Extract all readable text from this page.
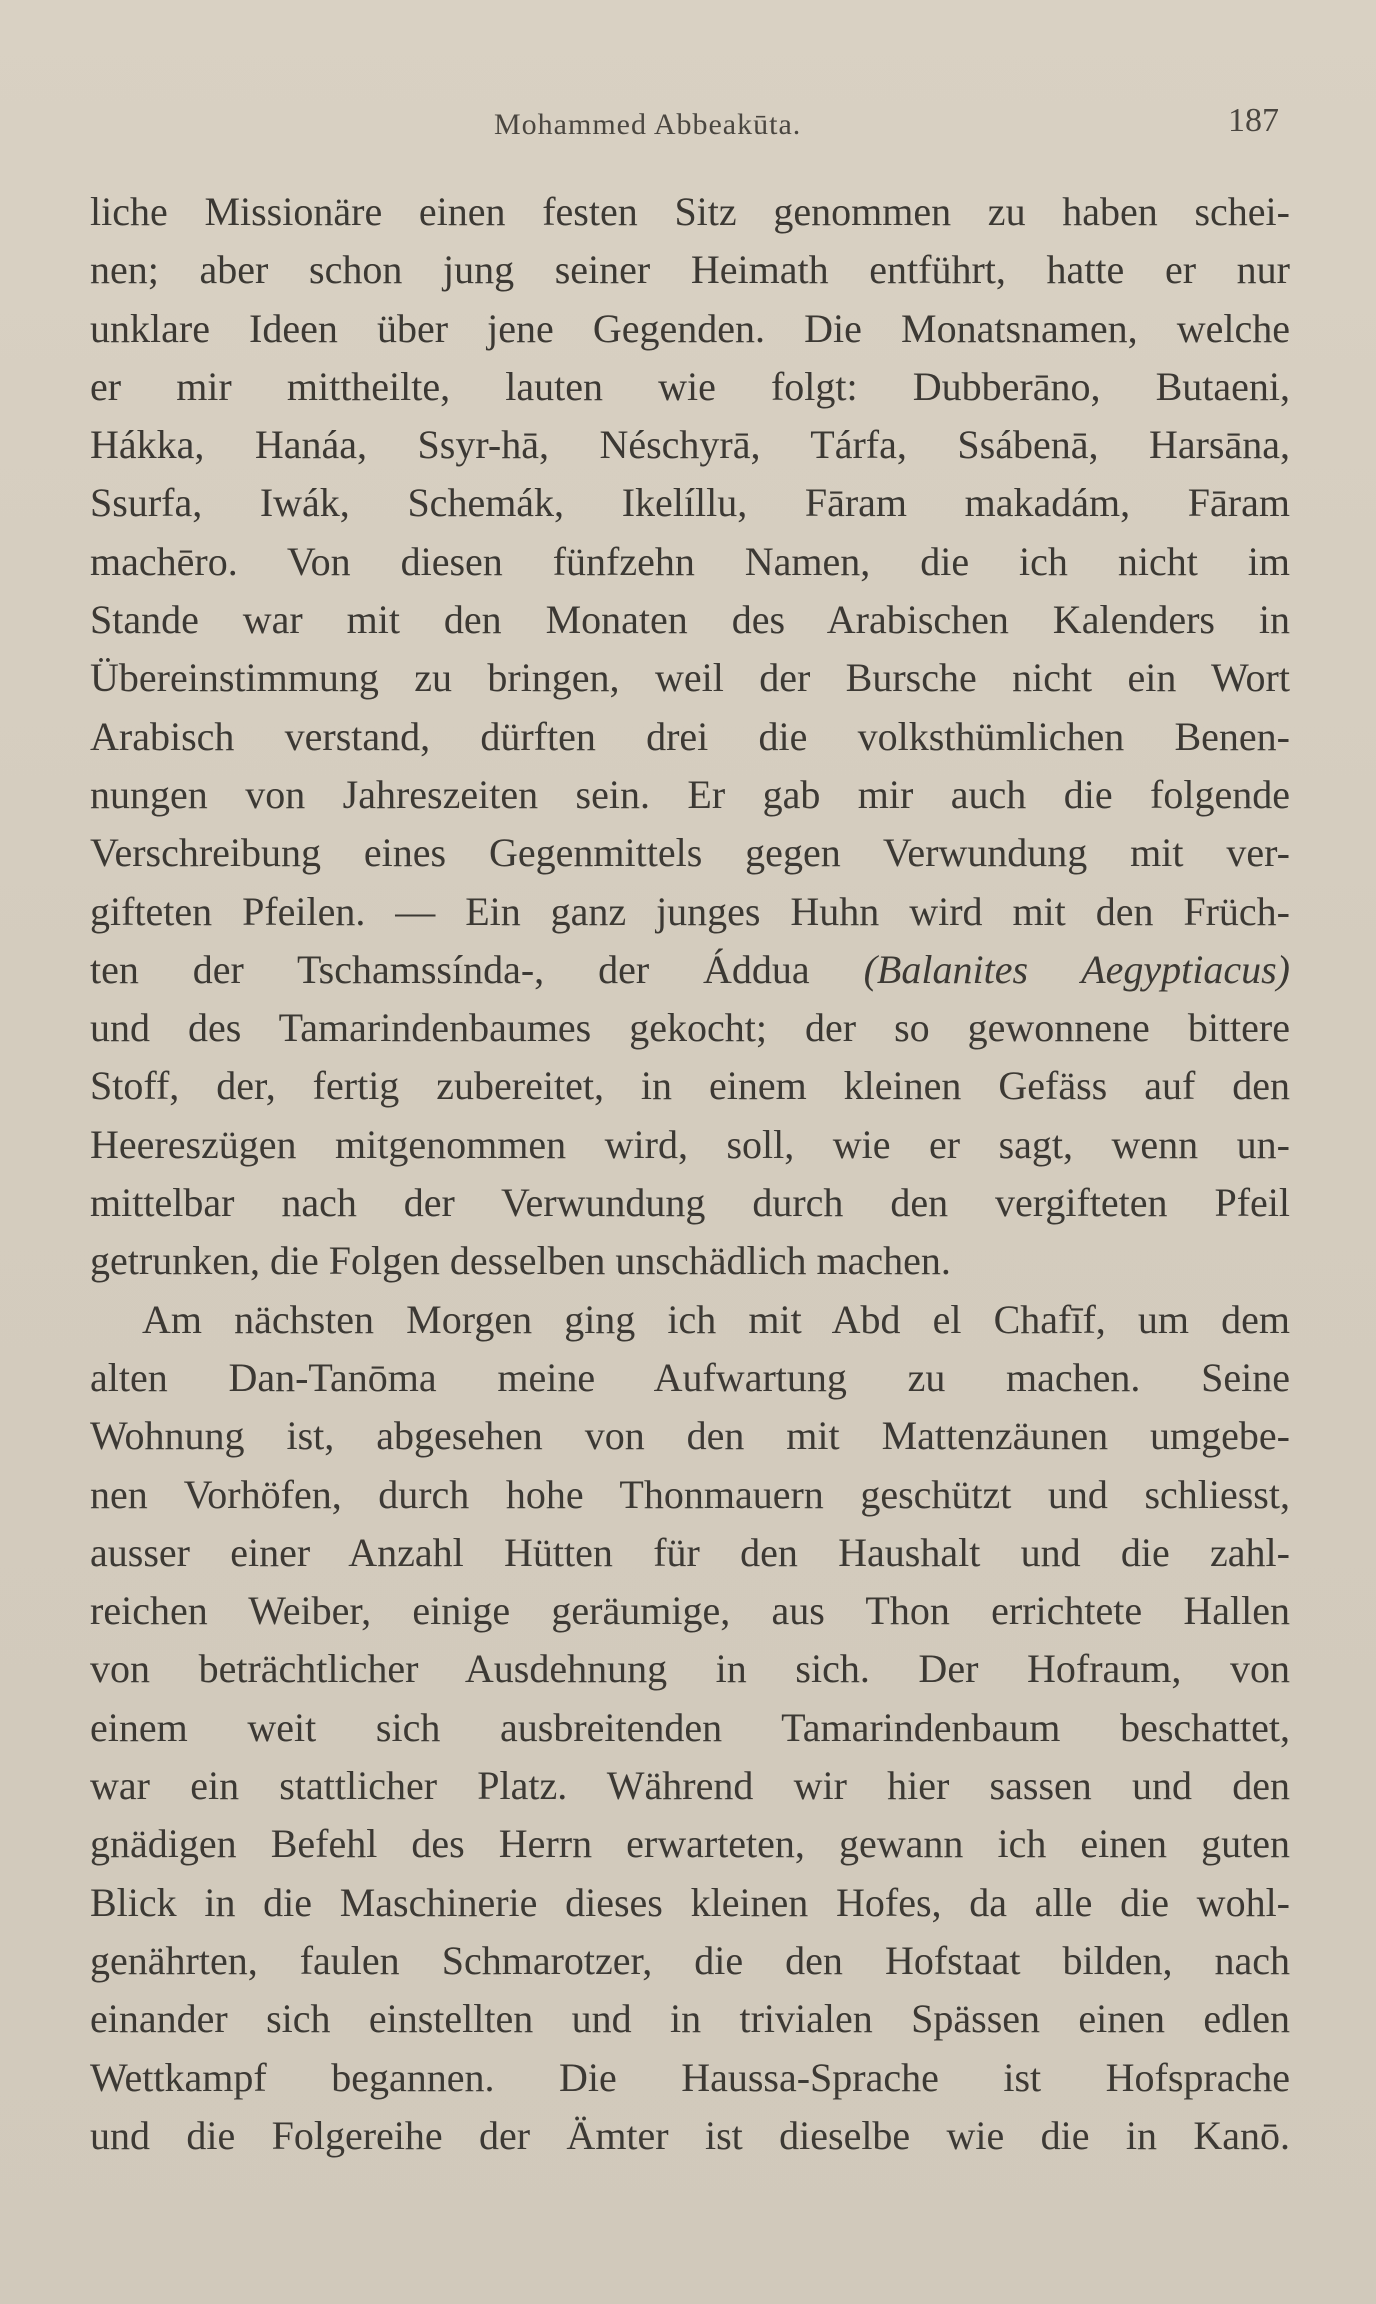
Mohammed Abbeakūta.	187
liche Missionäre einen festen Sitz genommen zu haben schei-
nen; aber schon jung seiner Heimath entführt, hatte er nur
unklare Ideen über jene Gegenden. Die Monatsnamen, welche
er mir mittheilte, lauten wie folgt: Dubberāno, Butaeni,
Hákka, Hanáa, Ssyr-hā, Néschyrā, Tárfa, Ssábenā, Harsāna,
Ssurfa, Iwák, Schemák, Ikelíllu, Fāram makadám, Fāram
machēro. Von diesen fünfzehn Namen, die ich nicht im
Stande war mit den Monaten des Arabischen Kalenders in
Übereinstimmung zu bringen, weil der Bursche nicht ein Wort
Arabisch verstand, dürften drei die volksthümlichen Benen-
nungen von Jahreszeiten sein. Er gab mir auch die folgende
Verschreibung eines Gegenmittels gegen Verwundung mit ver-
gifteten Pfeilen. — Ein ganz junges Huhn wird mit den Früch-
ten der Tschamssínda-, der Áddua (Balanites Aegyptiacus)
und des Tamarindenbaumes gekocht; der so gewonnene bittere
Stoff, der, fertig zubereitet, in einem kleinen Gefäss auf den
Heereszügen mitgenommen wird, soll, wie er sagt, wenn un-
mittelbar nach der Verwundung durch den vergifteten Pfeil
getrunken, die Folgen desselben unschädlich machen.
Am nächsten Morgen ging ich mit Abd el Chafīf, um dem
alten Dan-Tanōma meine Aufwartung zu machen. Seine
Wohnung ist, abgesehen von den mit Mattenzäunen umgebe-
nen Vorhöfen, durch hohe Thonmauern geschützt und schliesst,
ausser einer Anzahl Hütten für den Haushalt und die zahl-
reichen Weiber, einige geräumige, aus Thon errichtete Hallen
von beträchtlicher Ausdehnung in sich. Der Hofraum, von
einem weit sich ausbreitenden Tamarindenbaum beschattet,
war ein stattlicher Platz. Während wir hier sassen und den
gnädigen Befehl des Herrn erwarteten, gewann ich einen guten
Blick in die Maschinerie dieses kleinen Hofes, da alle die wohl-
genährten, faulen Schmarotzer, die den Hofstaat bilden, nach
einander sich einstellten und in trivialen Spässen einen edlen
Wettkampf begannen. Die Haussa-Sprache ist Hofsprache
und die Folgereihe der Ämter ist dieselbe wie die in Kanō.
